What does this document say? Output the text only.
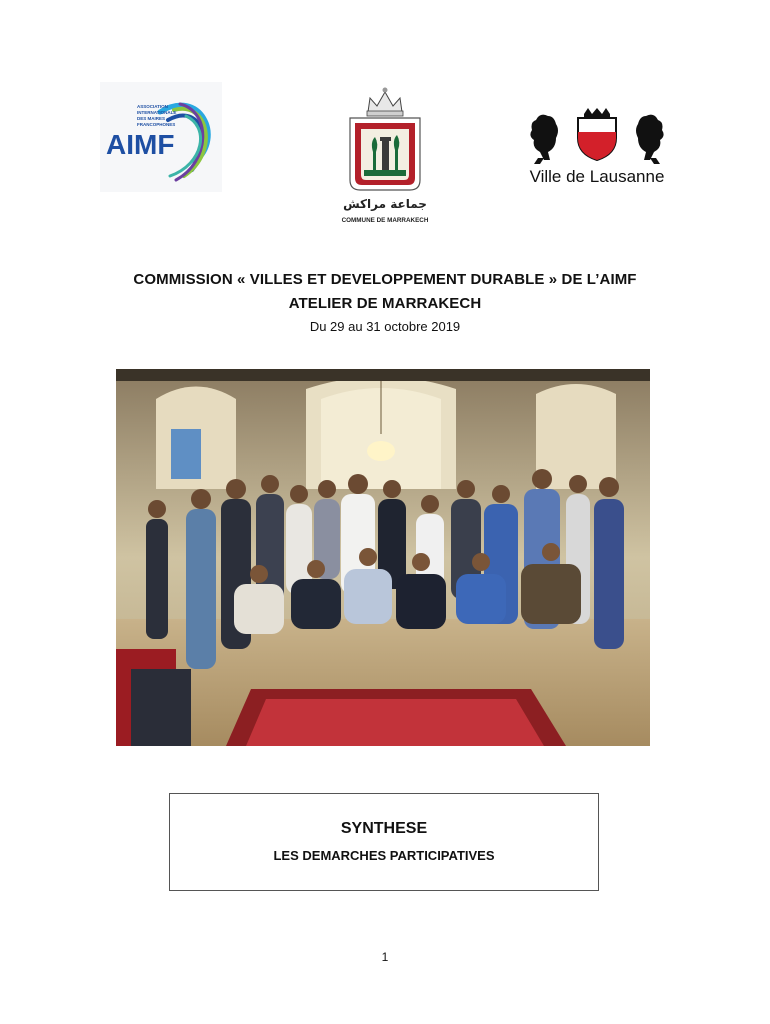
ASSOCIATION
INTERNATIONALE
DES MAIRES
FRANCOPHONES
AIMF
جماعة مراكش
COMMUNE DE MARRAKECH
Ville de Lausanne
COMMISSION « VILLES ET DEVELOPPEMENT DURABLE » DE L’AIMF
ATELIER DE MARRAKECH
Du 29 au 31 octobre 2019
SYNTHESE
LES DEMARCHES PARTICIPATIVES
1
